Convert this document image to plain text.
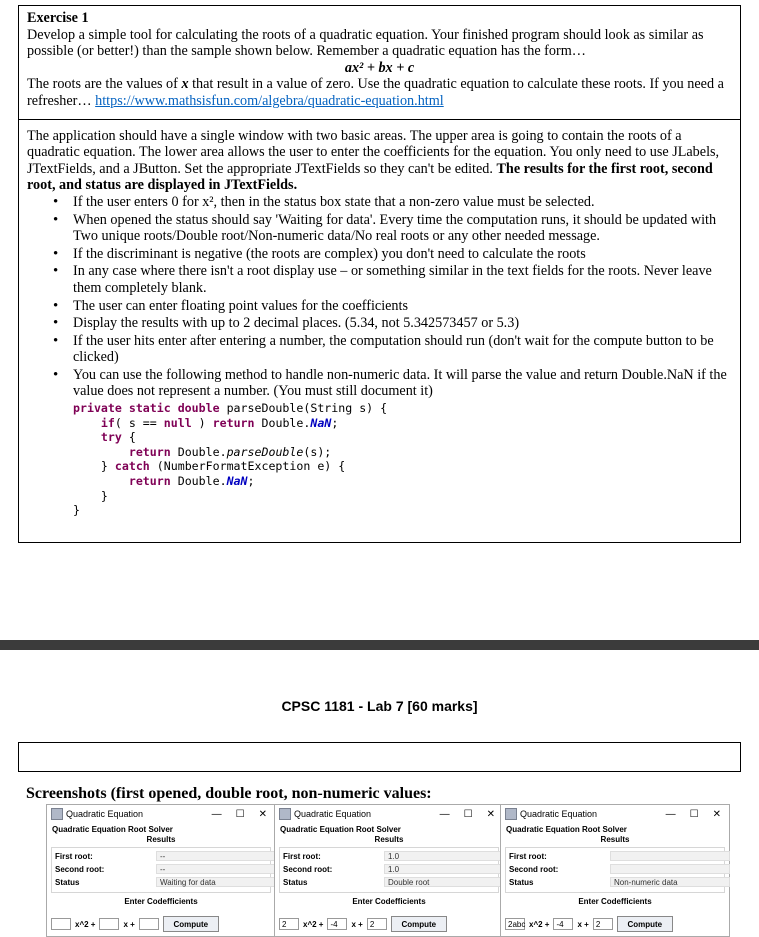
Exercise 1

Develop a simple tool for calculating the roots of a quadratic equation. Your finished program should look as similar as possible (or better!) than the sample shown below. Remember a quadratic equation has the form…

ax² + bx + c

The roots are the values of x that result in a value of zero. Use the quadratic equation to calculate these roots. If you need a refresher… https://www.mathsisfun.com/algebra/quadratic-equation.html

The application should have a single window with two basic areas. The upper area is going to contain the roots of a quadratic equation. The lower area allows the user to enter the coefficients for the equation. You only need to use JLabels, JTextFields, and a JButton. Set the appropriate JTextFields so they can't be edited. The results for the first root, second root, and status are displayed in JTextFields.

• If the user enters 0 for x², then in the status box state that a non-zero value must be selected.
• When opened the status should say 'Waiting for data'. Every time the computation runs, it should be updated with Two unique roots/Double root/Non-numeric data/No real roots or any other needed message.
• If the discriminant is negative (the roots are complex) you don't need to calculate the roots
• In any case where there isn't a root display use – or something similar in the text fields for the roots. Never leave them completely blank.
• The user can enter floating point values for the coefficients
• Display the results with up to 2 decimal places. (5.34, not 5.342573457 or 5.3)
• If the user hits enter after entering a number, the computation should run (don't wait for the compute button to be clicked)
• You can use the following method to handle non-numeric data. It will parse the value and return Double.NaN if the value does not represent a number. (You must still document it)
private static double parseDouble(String s) {
if( s == null ) return Double.NaN;
try {
return Double.parseDouble(s);
} catch (NumberFormatException e) {
return Double.NaN;
}
}
CPSC 1181 - Lab 7 [60 marks]
Screenshots (first opened, double root, non-numeric values:
Quadratic Equation	— ☐ ✕
Quadratic Equation Root Solver
Results
First root:	--
Second root:	--
Status	Waiting for data
Enter Codefficients
x^2 +	x +	Compute
Quadratic Equation	— ☐ ✕
Quadratic Equation Root Solver
Results
First root:	1.0
Second root:	1.0
Status	Double root
Enter Codefficients
2	x^2 + -4	x + 2	Compute
Quadratic Equation	— ☐ ✕
Quadratic Equation Root Solver
Results
First root:
Second root:
Status	Non-numeric data
Enter Codefficients
2abc x^2 + -4	x + 2	Compute
